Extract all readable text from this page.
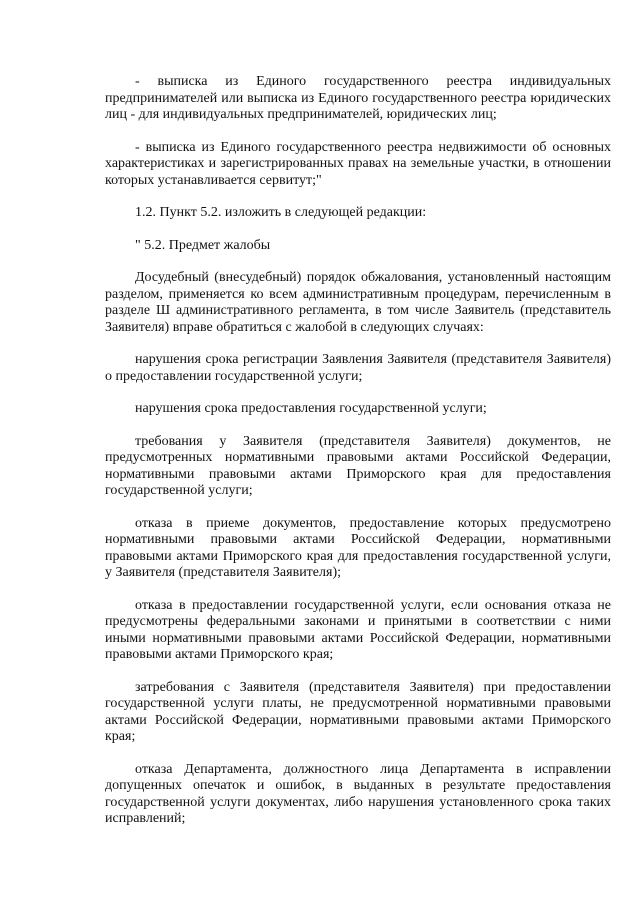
- выписка из Единого государственного реестра индивидуальных предпринимателей или выписка из Единого государственного реестра юридических лиц - для индивидуальных предпринимателей, юридических лиц;

- выписка из Единого государственного реестра недвижимости об основных характеристиках и зарегистрированных правах на земельные участки, в отношении которых устанавливается сервитут;"

1.2. Пункт 5.2. изложить в следующей редакции:

" 5.2. Предмет жалобы

Досудебный (внесудебный) порядок обжалования, установленный настоящим разделом, применяется ко всем административным процедурам, перечисленным в разделе Ш административного регламента, в том числе Заявитель (представитель Заявителя) вправе обратиться с жалобой в следующих случаях:

нарушения срока регистрации Заявления Заявителя (представителя Заявителя) о предоставлении государственной услуги;

нарушения срока предоставления государственной услуги;

требования у Заявителя (представителя Заявителя) документов, не предусмотренных нормативными правовыми актами Российской Федерации, нормативными правовыми актами Приморского края для предоставления государственной услуги;

отказа в приеме документов, предоставление которых предусмотрено нормативными правовыми актами Российской Федерации, нормативными правовыми актами Приморского края для предоставления государственной услуги, у Заявителя (представителя Заявителя);

отказа в предоставлении государственной услуги, если основания отказа не предусмотрены федеральными законами и принятыми в соответствии с ними иными нормативными правовыми актами Российской Федерации, нормативными правовыми актами Приморского края;

затребования с Заявителя (представителя Заявителя) при предоставлении государственной услуги платы, не предусмотренной нормативными правовыми актами Российской Федерации, нормативными правовыми актами Приморского края;

отказа Департамента, должностного лица Департамента в исправлении допущенных опечаток и ошибок, в выданных в результате предоставления государственной услуги документах, либо нарушения установленного срока таких исправлений;
